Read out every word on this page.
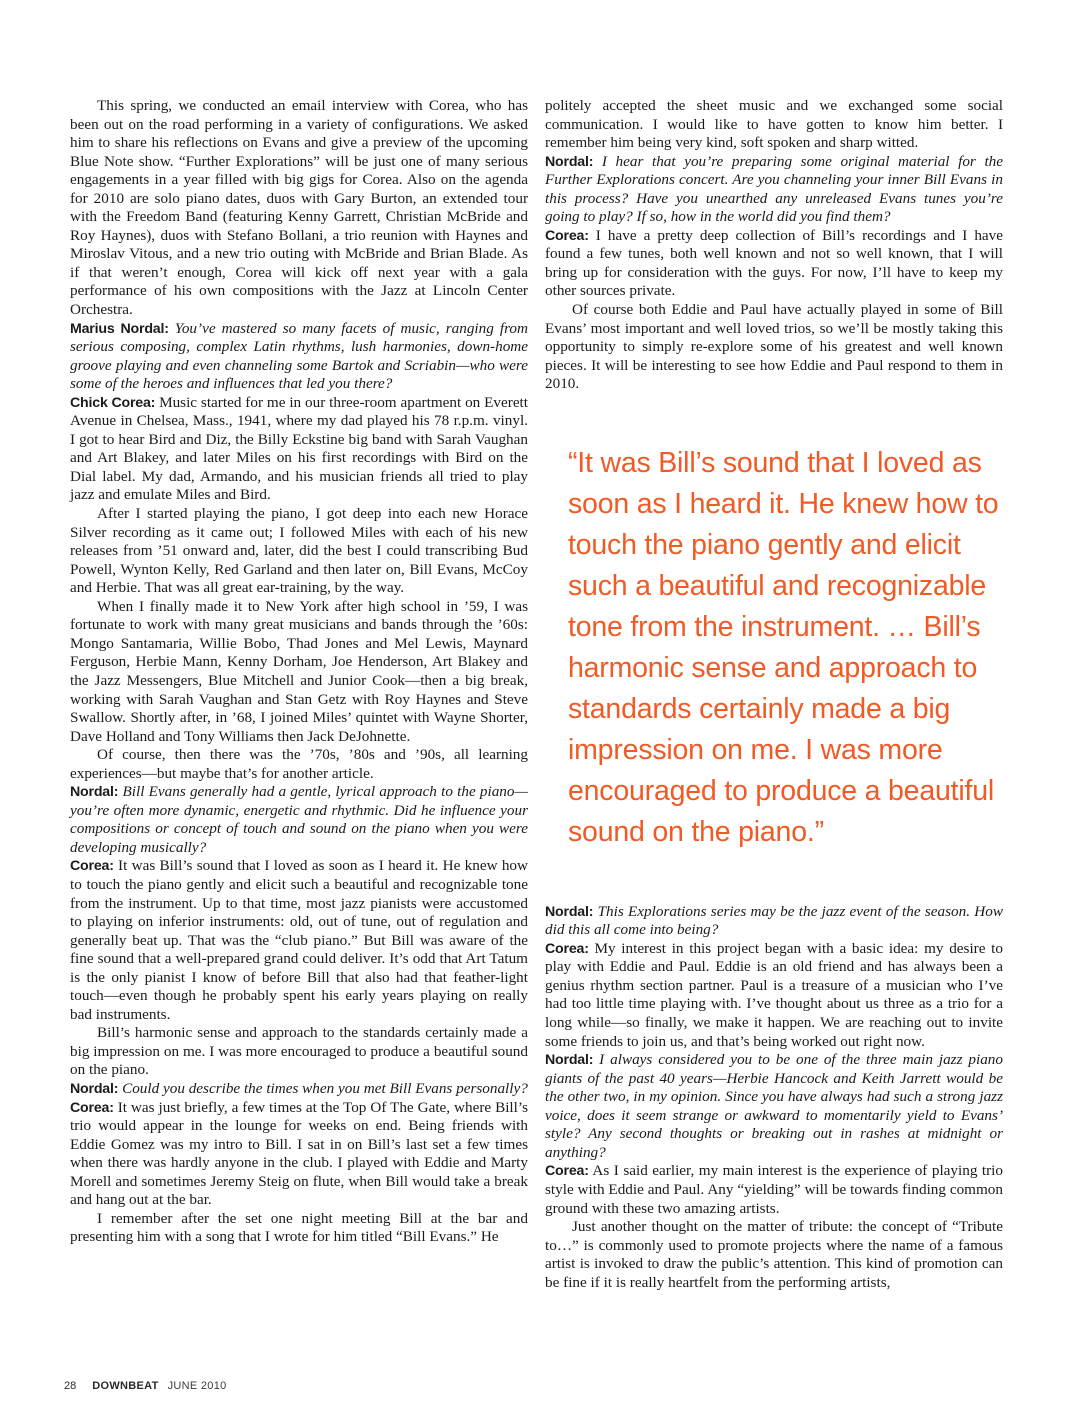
This spring, we conducted an email interview with Corea, who has been out on the road performing in a variety of configurations. We asked him to share his reflections on Evans and give a preview of the upcoming Blue Note show. “Further Explorations” will be just one of many serious engagements in a year filled with big gigs for Corea. Also on the agenda for 2010 are solo piano dates, duos with Gary Burton, an extended tour with the Freedom Band (featuring Kenny Garrett, Christian McBride and Roy Haynes), duos with Stefano Bollani, a trio reunion with Haynes and Miroslav Vitous, and a new trio outing with McBride and Brian Blade. As if that weren’t enough, Corea will kick off next year with a gala performance of his own compositions with the Jazz at Lincoln Center Orchestra.

Marius Nordal: You’ve mastered so many facets of music, ranging from serious composing, complex Latin rhythms, lush harmonies, down-home groove playing and even channeling some Bartok and Scriabin—who were some of the heroes and influences that led you there?

Chick Corea: Music started for me in our three-room apartment on Everett Avenue in Chelsea, Mass., 1941, where my dad played his 78 r.p.m. vinyl. I got to hear Bird and Diz, the Billy Eckstine big band with Sarah Vaughan and Art Blakey, and later Miles on his first recordings with Bird on the Dial label. My dad, Armando, and his musician friends all tried to play jazz and emulate Miles and Bird.

After I started playing the piano, I got deep into each new Horace Silver recording as it came out; I followed Miles with each of his new releases from ’51 onward and, later, did the best I could transcribing Bud Powell, Wynton Kelly, Red Garland and then later on, Bill Evans, McCoy and Herbie. That was all great ear-training, by the way.

When I finally made it to New York after high school in ’59, I was fortunate to work with many great musicians and bands through the ’60s: Mongo Santamaria, Willie Bobo, Thad Jones and Mel Lewis, Maynard Ferguson, Herbie Mann, Kenny Dorham, Joe Henderson, Art Blakey and the Jazz Messengers, Blue Mitchell and Junior Cook—then a big break, working with Sarah Vaughan and Stan Getz with Roy Haynes and Steve Swallow. Shortly after, in ’68, I joined Miles’ quintet with Wayne Shorter, Dave Holland and Tony Williams then Jack DeJohnette.

Of course, then there was the ’70s, ’80s and ’90s, all learning experiences—but maybe that’s for another article.

Nordal: Bill Evans generally had a gentle, lyrical approach to the piano—you’re often more dynamic, energetic and rhythmic. Did he influence your compositions or concept of touch and sound on the piano when you were developing musically?

Corea: It was Bill’s sound that I loved as soon as I heard it. He knew how to touch the piano gently and elicit such a beautiful and recognizable tone from the instrument. Up to that time, most jazz pianists were accustomed to playing on inferior instruments: old, out of tune, out of regulation and generally beat up. That was the “club piano.” But Bill was aware of the fine sound that a well-prepared grand could deliver. It’s odd that Art Tatum is the only pianist I know of before Bill that also had that feather-light touch—even though he probably spent his early years playing on really bad instruments.

Bill’s harmonic sense and approach to the standards certainly made a big impression on me. I was more encouraged to produce a beautiful sound on the piano.

Nordal: Could you describe the times when you met Bill Evans personally?

Corea: It was just briefly, a few times at the Top Of The Gate, where Bill’s trio would appear in the lounge for weeks on end. Being friends with Eddie Gomez was my intro to Bill. I sat in on Bill’s last set a few times when there was hardly anyone in the club. I played with Eddie and Marty Morell and sometimes Jeremy Steig on flute, when Bill would take a break and hang out at the bar.

I remember after the set one night meeting Bill at the bar and presenting him with a song that I wrote for him titled “Bill Evans.” He

politely accepted the sheet music and we exchanged some social communication. I would like to have gotten to know him better. I remember him being very kind, soft spoken and sharp witted.

Nordal: I hear that you’re preparing some original material for the Further Explorations concert. Are you channeling your inner Bill Evans in this process? Have you unearthed any unreleased Evans tunes you’re going to play? If so, how in the world did you find them?

Corea: I have a pretty deep collection of Bill’s recordings and I have found a few tunes, both well known and not so well known, that I will bring up for consideration with the guys. For now, I’ll have to keep my other sources private.

Of course both Eddie and Paul have actually played in some of Bill Evans’ most important and well loved trios, so we’ll be mostly taking this opportunity to simply re-explore some of his greatest and well known pieces. It will be interesting to see how Eddie and Paul respond to them in 2010.

“It was Bill’s sound that I loved as soon as I heard it. He knew how to touch the piano gently and elicit such a beautiful and recognizable tone from the instrument. … Bill’s harmonic sense and approach to standards certainly made a big impression on me. I was more encouraged to produce a beautiful sound on the piano.”

Nordal: This Explorations series may be the jazz event of the season. How did this all come into being?

Corea: My interest in this project began with a basic idea: my desire to play with Eddie and Paul. Eddie is an old friend and has always been a genius rhythm section partner. Paul is a treasure of a musician who I’ve had too little time playing with. I’ve thought about us three as a trio for a long while—so finally, we make it happen. We are reaching out to invite some friends to join us, and that’s being worked out right now.

Nordal: I always considered you to be one of the three main jazz piano giants of the past 40 years—Herbie Hancock and Keith Jarrett would be the other two, in my opinion. Since you have always had such a strong jazz voice, does it seem strange or awkward to momentarily yield to Evans’ style? Any second thoughts or breaking out in rashes at midnight or anything?

Corea: As I said earlier, my main interest is the experience of playing trio style with Eddie and Paul. Any “yielding” will be towards finding common ground with these two amazing artists.

Just another thought on the matter of tribute: the concept of “Tribute to…” is commonly used to promote projects where the name of a famous artist is invoked to draw the public’s attention. This kind of promotion can be fine if it is really heartfelt from the performing artists,

28 DOWNBEAT JUNE 2010
